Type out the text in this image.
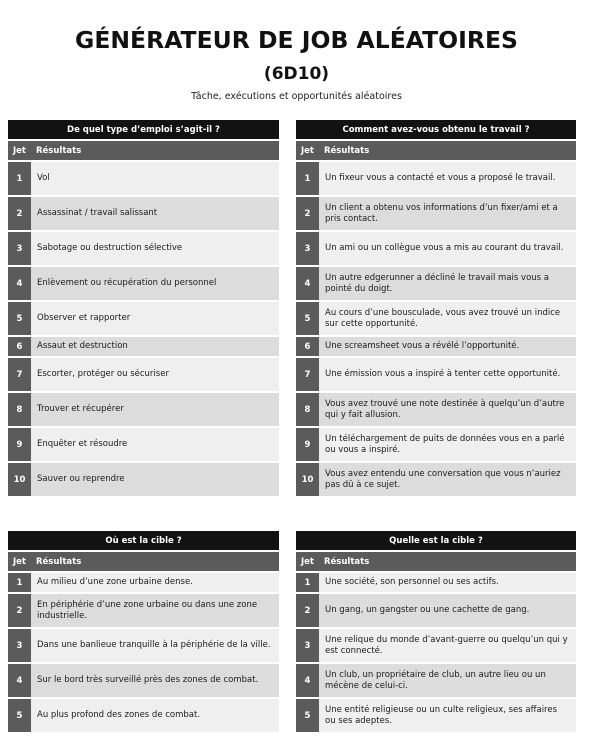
GÉNÉRATEUR DE JOB ALÉATOIRES
(6D10)
Tâche, exécutions et opportunités aléatoires
De quel type d’emploi s’agit-il ?	
Jet	Résultats
1	Vol
2	Assassinat / travail salissant
3	Sabotage ou destruction sélective
4	Enlèvement ou récupération du personnel
5	Observer et rapporter
6	Assaut et destruction
7	Escorter, protéger ou sécuriser
8	Trouver et récupérer
9	Enquêter et résoudre
10	Sauver ou reprendre
Comment avez-vous obtenu le travail ?	
Jet	Résultats
1	Un fixeur vous a contacté et vous a proposé le travail.
2	Un client a obtenu vos informations d’un fixer/ami et a pris contact.
3	Un ami ou un collègue vous a mis au courant du travail.
4	Un autre edgerunner a décliné le travail mais vous a pointé du doigt.
5	Au cours d’une bousculade, vous avez trouvé un indice sur cette opportunité.
6	Une screamsheet vous a révélé l’opportunité.
7	Une émission vous a inspiré à tenter cette opportunité.
8	Vous avez trouvé une note destinée à quelqu’un d’autre qui y fait allusion.
9	Un téléchargement de puits de données vous en a parlé ou vous a inspiré.
10	Vous avez entendu une conversation que vous n’auriez pas dû à ce sujet.
Où est la cible ?	
Jet	Résultats
1	Au milieu d’une zone urbaine dense.
2	En périphérie d’une zone urbaine ou dans une zone industrielle.
3	Dans une banlieue tranquille à la périphérie de la ville.
4	Sur le bord très surveillé près des zones de combat.
5	Au plus profond des zones de combat.
Quelle est la cible ?	
Jet	Résultats
1	Une société, son personnel ou ses actifs.
2	Un gang, un gangster ou une cachette de gang.
3	Une relique du monde d’avant-guerre ou quelqu’un qui y est connecté.
4	Un club, un propriétaire de club, un autre lieu ou un mécène de celui-ci.
5	Une entité religieuse ou un culte religieux, ses affaires ou ses adeptes.
